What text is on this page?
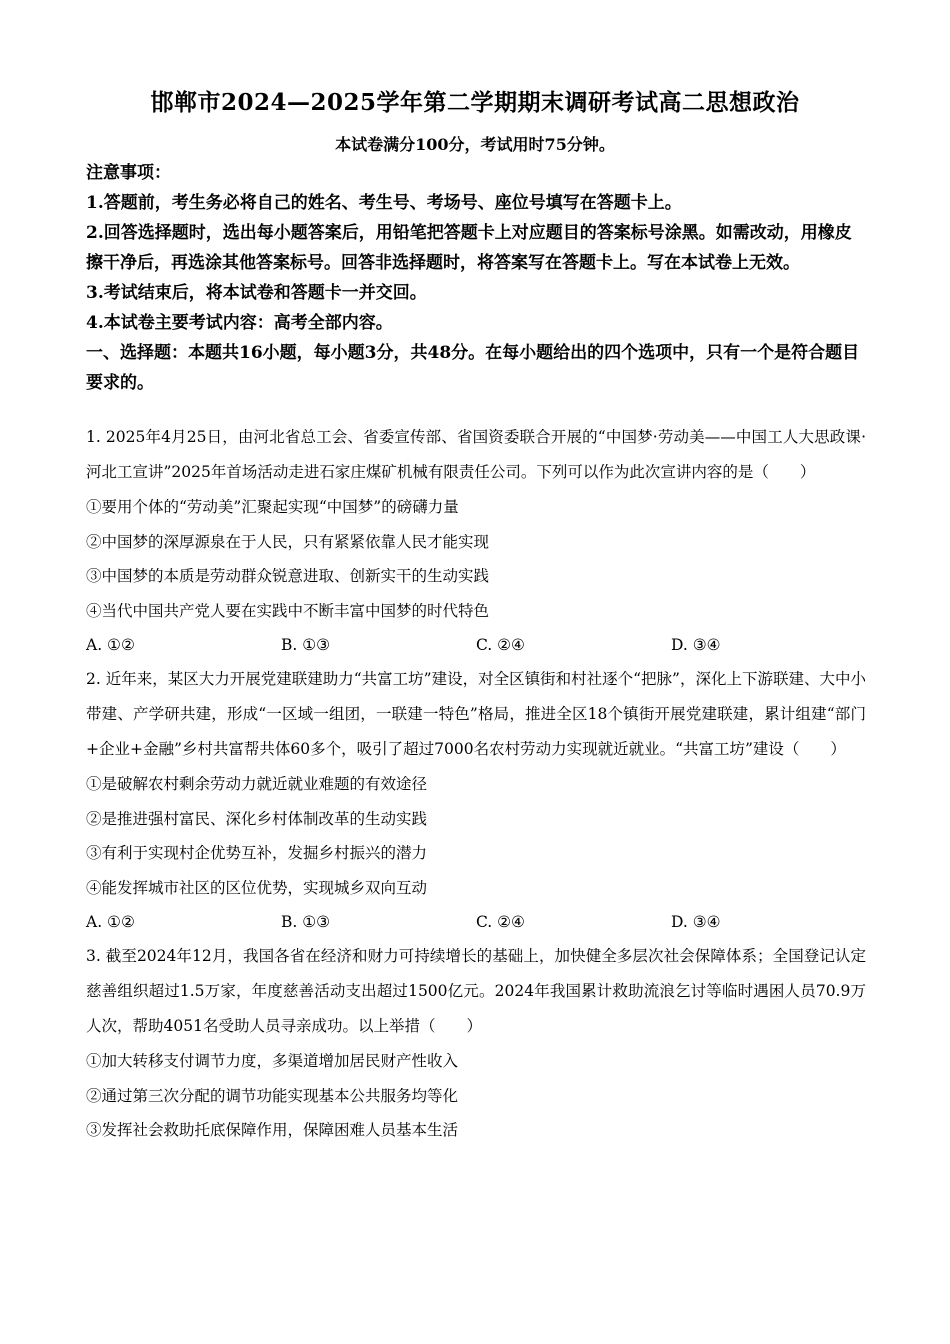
邯郸市2024—2025学年第二学期期末调研考试高二思想政治
本试卷满分100分，考试用时75分钟。
注意事项：
1.答题前，考生务必将自己的姓名、考生号、考场号、座位号填写在答题卡上。
2.回答选择题时，选出每小题答案后，用铅笔把答题卡上对应题目的答案标号涂黑。如需改动，用橡皮擦干净后，再选涂其他答案标号。回答非选择题时，将答案写在答题卡上。写在本试卷上无效。
3.考试结束后，将本试卷和答题卡一并交回。
4.本试卷主要考试内容：高考全部内容。
一、选择题：本题共16小题，每小题3分，共48分。在每小题给出的四个选项中，只有一个是符合题目要求的。
1. 2025年4月25日，由河北省总工会、省委宣传部、省国资委联合开展的“中国梦·劳动美——中国工人大思政课·河北工宣讲”2025年首场活动走进石家庄煤矿机械有限责任公司。下列可以作为此次宣讲内容的是（　　）
①要用个体的“劳动美”汇聚起实现“中国梦”的磅礴力量
②中国梦的深厚源泉在于人民，只有紧紧依靠人民才能实现
③中国梦的本质是劳动群众锐意进取、创新实干的生动实践
④当代中国共产党人要在实践中不断丰富中国梦的时代特色
A. ①②	B. ①③	C. ②④	D. ③④
2. 近年来，某区大力开展党建联建助力“共富工坊”建设，对全区镇街和村社逐个“把脉”，深化上下游联建、大中小带建、产学研共建，形成“一区域一组团，一联建一特色”格局，推进全区18个镇街开展党建联建，累计组建“部门+企业+金融”乡村共富帮共体60多个，吸引了超过7000名农村劳动力实现就近就业。“共富工坊”建设（　　）
①是破解农村剩余劳动力就近就业难题的有效途径
②是推进强村富民、深化乡村体制改革的生动实践
③有利于实现村企优势互补，发掘乡村振兴的潜力
④能发挥城市社区的区位优势，实现城乡双向互动
A. ①②	B. ①③	C. ②④	D. ③④
3. 截至2024年12月，我国各省在经济和财力可持续增长的基础上，加快健全多层次社会保障体系；全国登记认定慈善组织超过1.5万家，年度慈善活动支出超过1500亿元。2024年我国累计救助流浪乞讨等临时遇困人员70.9万人次，帮助4051名受助人员寻亲成功。以上举措（　　）
①加大转移支付调节力度，多渠道增加居民财产性收入
②通过第三次分配的调节功能实现基本公共服务均等化
③发挥社会救助托底保障作用，保障困难人员基本生活
